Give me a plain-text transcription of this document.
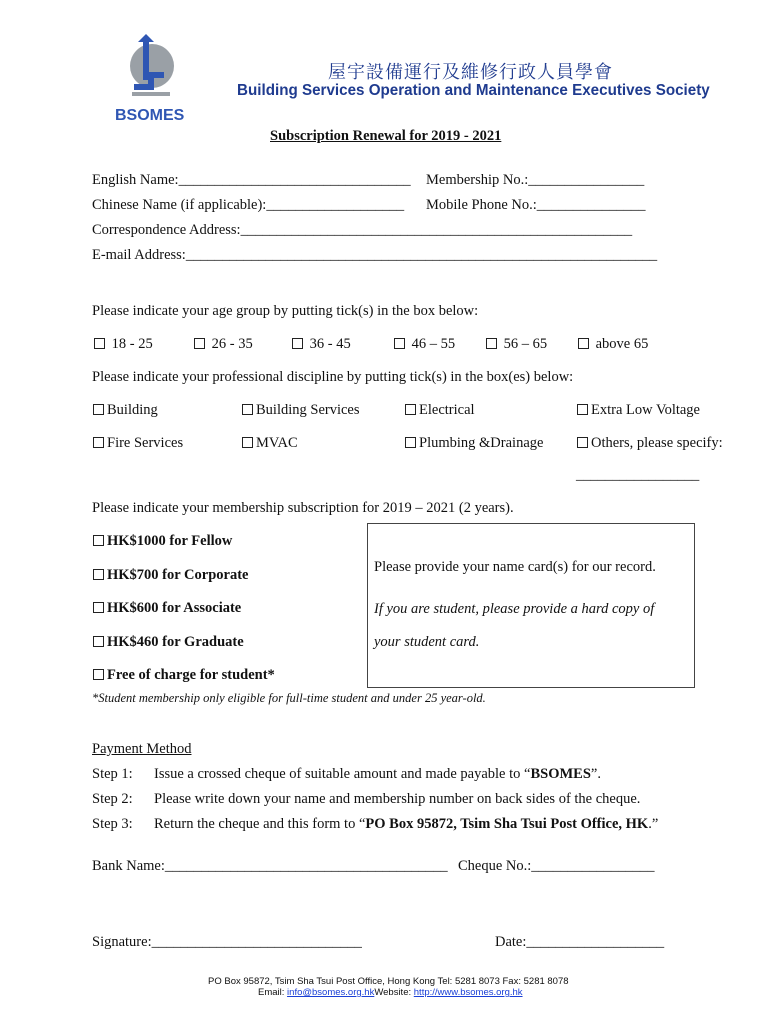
BSOMES
屋宇設備運行及維修行政人員學會
Building Services Operation and Maintenance Executives Society
Subscription Renewal for 2019 - 2021
English Name:________________________________ Membership No.:________________
Chinese Name (if applicable):___________________ Mobile Phone No.:_______________
Correspondence Address:______________________________________________________
E-mail Address:_________________________________________________________________
Please indicate your age group by putting tick(s) in the box below:
18 - 25	26 - 35	36 - 45	46 – 55	56 – 65	above 65
Please indicate your professional discipline by putting tick(s) in the box(es) below:
Building	Building Services	Electrical	Extra Low Voltage
Fire Services	MVAC	Plumbing &Drainage	Others, please specify:
_________________
Please indicate your membership subscription for 2019 – 2021 (2 years).
HK$1000 for Fellow
HK$700 for Corporate
HK$600 for Associate
HK$460 for Graduate
Free of charge for student*
Please provide your name card(s) for our record.
If you are student, please provide a hard copy of
your student card.
*Student membership only eligible for full-time student and under 25 year-old.
Payment Method
Step 1: Issue a crossed cheque of suitable amount and made payable to “BSOMES”.
Step 2: Please write down your name and membership number on back sides of the cheque.
Step 3: Return the cheque and this form to “PO Box 95872, Tsim Sha Tsui Post Office, HK.”
Bank Name:_______________________________________ Cheque No.:_________________
Signature:_____________________________	Date:___________________
PO Box 95872, Tsim Sha Tsui Post Office, Hong Kong Tel: 5281 8073 Fax: 5281 8078
Email: info@bsomes.org.hkWebsite: http://www.bsomes.org.hk
